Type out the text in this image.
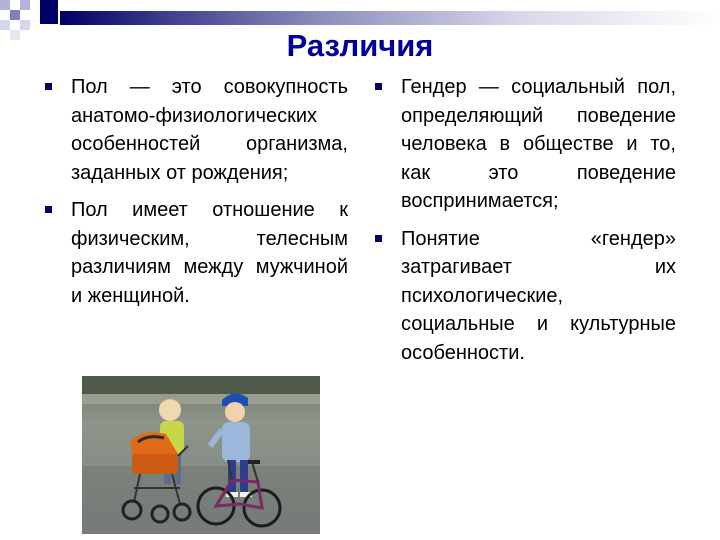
Различия
Пол — это совокупность анатомо-физиологических особенностей организма, заданных от рождения;
Пол имеет отношение к физическим, телесным различиям между мужчиной и женщиной.
Гендер — социальный пол, определяющий поведение человека в обществе и то, как это поведение воспринимается;
Понятие «гендер» затрагивает их психологические, социальные и культурные особенности.
